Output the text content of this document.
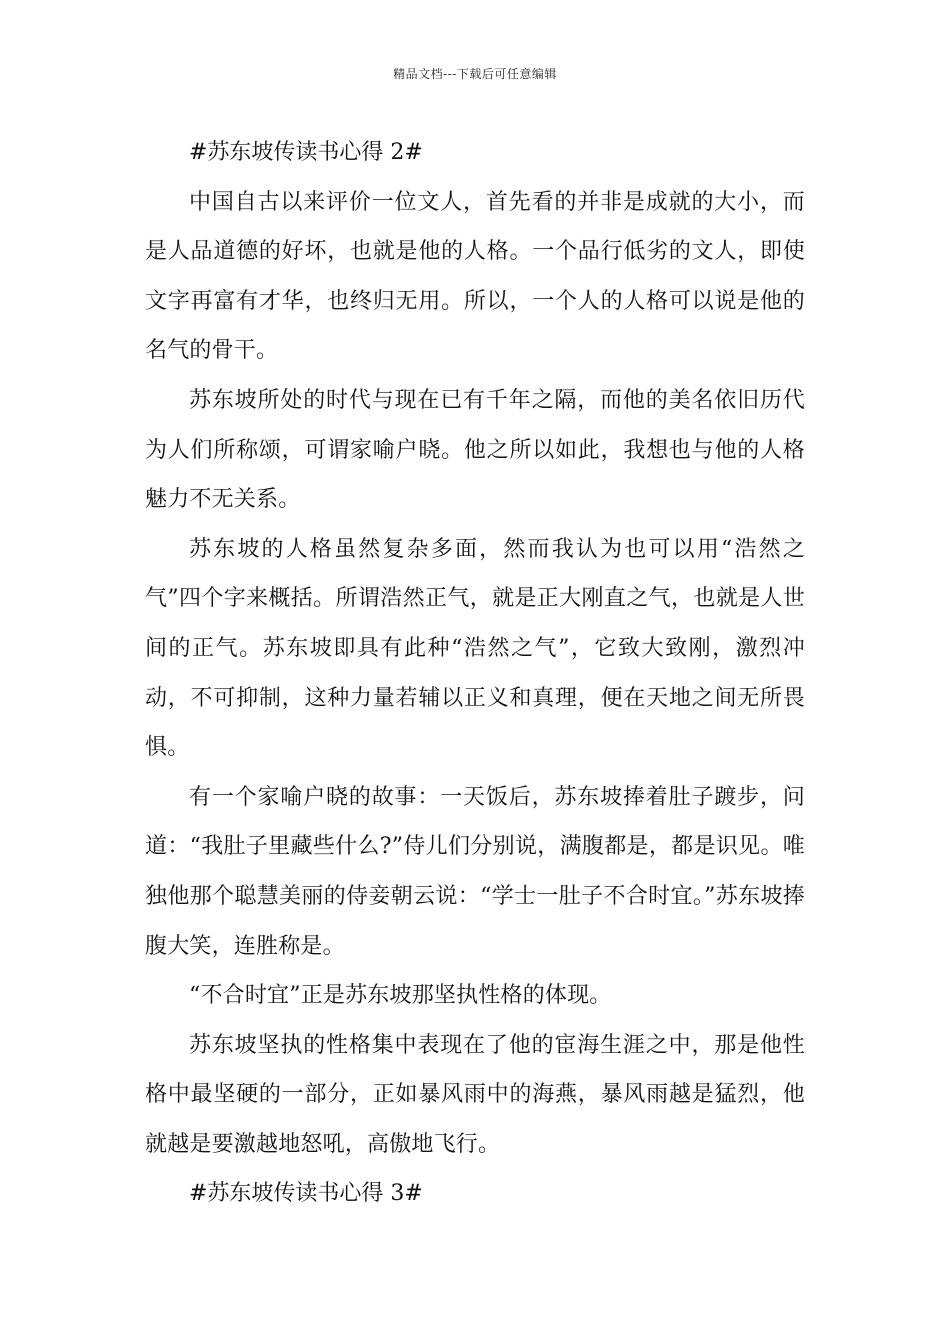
精品文档---下载后可任意编辑

#苏东坡传读书心得 2#

中国自古以来评价一位文人，首先看的并非是成就的大小，而是人品道德的好坏，也就是他的人格。一个品行低劣的文人，即使文字再富有才华，也终归无用。所以，一个人的人格可以说是他的名气的骨干。

苏东坡所处的时代与现在已有千年之隔，而他的美名依旧历代为人们所称颂，可谓家喻户晓。他之所以如此，我想也与他的人格魅力不无关系。

苏东坡的人格虽然复杂多面，然而我认为也可以用“浩然之气”四个字来概括。所谓浩然正气，就是正大刚直之气，也就是人世间的正气。苏东坡即具有此种“浩然之气”，它致大致刚，激烈冲动，不可抑制，这种力量若辅以正义和真理，便在天地之间无所畏惧。

有一个家喻户晓的故事：一天饭后，苏东坡捧着肚子踱步，问道：“我肚子里藏些什么?”侍儿们分别说，满腹都是，都是识见。唯独他那个聪慧美丽的侍妾朝云说：“学士一肚子不合时宜。”苏东坡捧腹大笑，连胜称是。

“不合时宜”正是苏东坡那坚执性格的体现。

苏东坡坚执的性格集中表现在了他的宦海生涯之中，那是他性格中最坚硬的一部分，正如暴风雨中的海燕，暴风雨越是猛烈，他就越是要激越地怒吼，高傲地飞行。

#苏东坡传读书心得 3#
